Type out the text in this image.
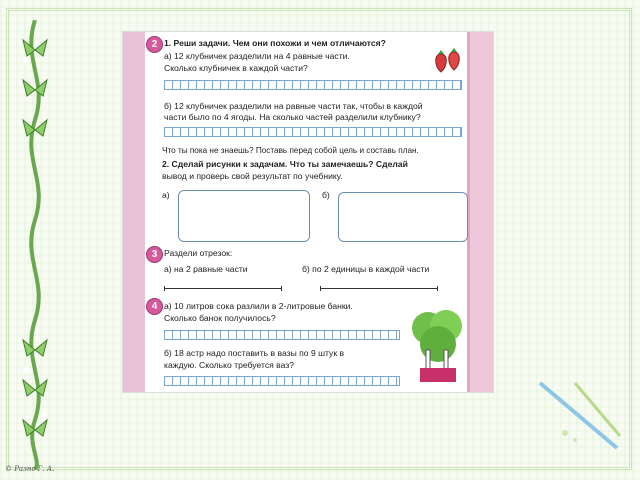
2 1. Реши задачи. Чем они похожи и чем отличаются?
а) 12 клубничек разделили на 4 равные части.
Сколько клубничек в каждой части?
б) 12 клубничек разделили на равные части так, чтобы в каждой
части было по 4 ягоды. На сколько частей разделили клубнику?
Что ты пока не знаешь? Поставь перед собой цель и составь план.
2. Сделай рисунки к задачам. Что ты замечаешь? Сделай
вывод и проверь свой результат по учебнику.
а)	б)
3 Раздели отрезок:
а) на 2 равные части	б) по 2 единицы в каждой части
4 а) 10 литров сока разлили в 2-литровые банки.
Сколько банок получилось?
б) 18 астр надо поставить в вазы по 9 штук в
каждую. Сколько требуется ваз?
© Разнс Г. А.
